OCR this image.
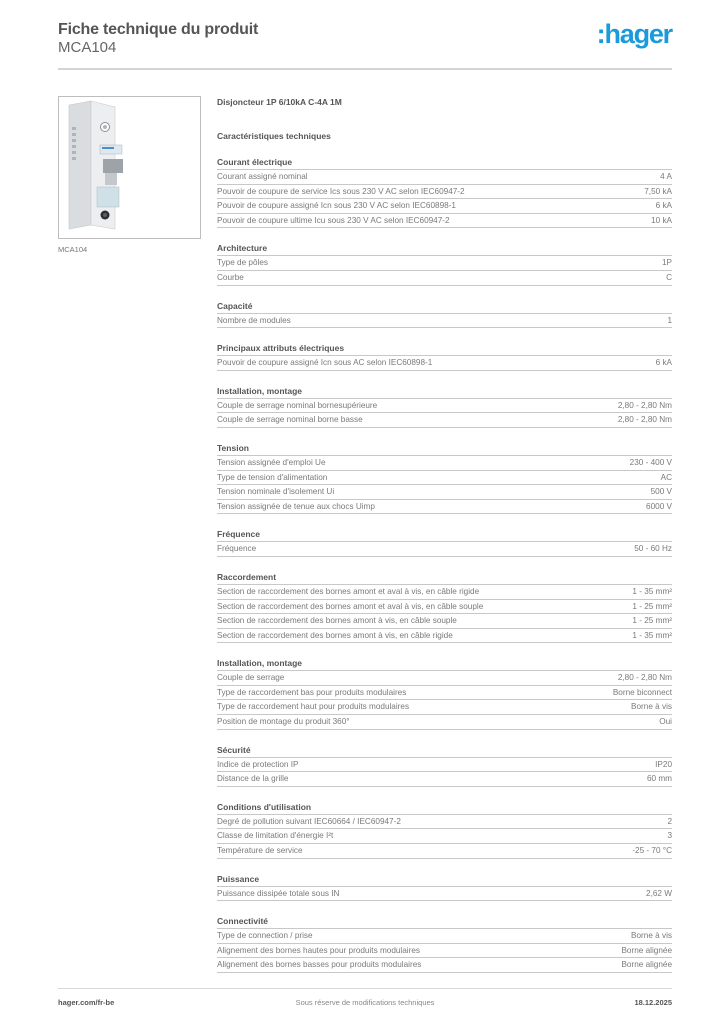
Fiche technique du produit
MCA104	:hager
MCA104
Disjoncteur 1P 6/10kA C-4A 1M
Caractéristiques techniques
Courant électrique
Courant assigné nominal	4 A
Pouvoir de coupure de service Ics sous 230 V AC selon IEC60947-2	7,50 kA
Pouvoir de coupure assigné Icn sous 230 V AC selon IEC60898-1	6 kA
Pouvoir de coupure ultime Icu sous 230 V AC selon IEC60947-2	10 kA
Architecture
Type de pôles	1P
Courbe	C
Capacité
Nombre de modules	1
Principaux attributs électriques
Pouvoir de coupure assigné Icn sous AC selon IEC60898-1	6 kA
Installation, montage
Couple de serrage nominal bornesupérieure	2,80 - 2,80 Nm
Couple de serrage nominal borne basse	2,80 - 2,80 Nm
Tension
Tension assignée d'emploi Ue	230 - 400 V
Type de tension d'alimentation	AC
Tension nominale d'isolement Ui	500 V
Tension assignée de tenue aux chocs Uimp	6000 V
Fréquence
Fréquence	50 - 60 Hz
Raccordement
Section de raccordement des bornes amont et aval à vis, en câble rigide	1 - 35 mm²
Section de raccordement des bornes amont et aval à vis, en câble souple	1 - 25 mm²
Section de raccordement des bornes amont à vis, en câble souple	1 - 25 mm²
Section de raccordement des bornes amont à vis, en câble rigide	1 - 35 mm²
Installation, montage
Couple de serrage	2,80 - 2,80 Nm
Type de raccordement bas pour produits modulaires	Borne biconnect
Type de raccordement haut pour produits modulaires	Borne à vis
Position de montage du produit 360°	Oui
Sécurité
Indice de protection IP	IP20
Distance de la grille	60 mm
Conditions d'utilisation
Degré de pollution suivant IEC60664 / IEC60947-2	2
Classe de limitation d'énergie I²t	3
Température de service	-25 - 70 °C
Puissance
Puissance dissipée totale sous IN	2,62 W
Connectivité
Type de connection / prise	Borne à vis
Alignement des bornes hautes pour produits modulaires	Borne alignée
Alignement des bornes basses pour produits modulaires	Borne alignée
hager.com/fr-be	Sous réserve de modifications techniques	18.12.2025
